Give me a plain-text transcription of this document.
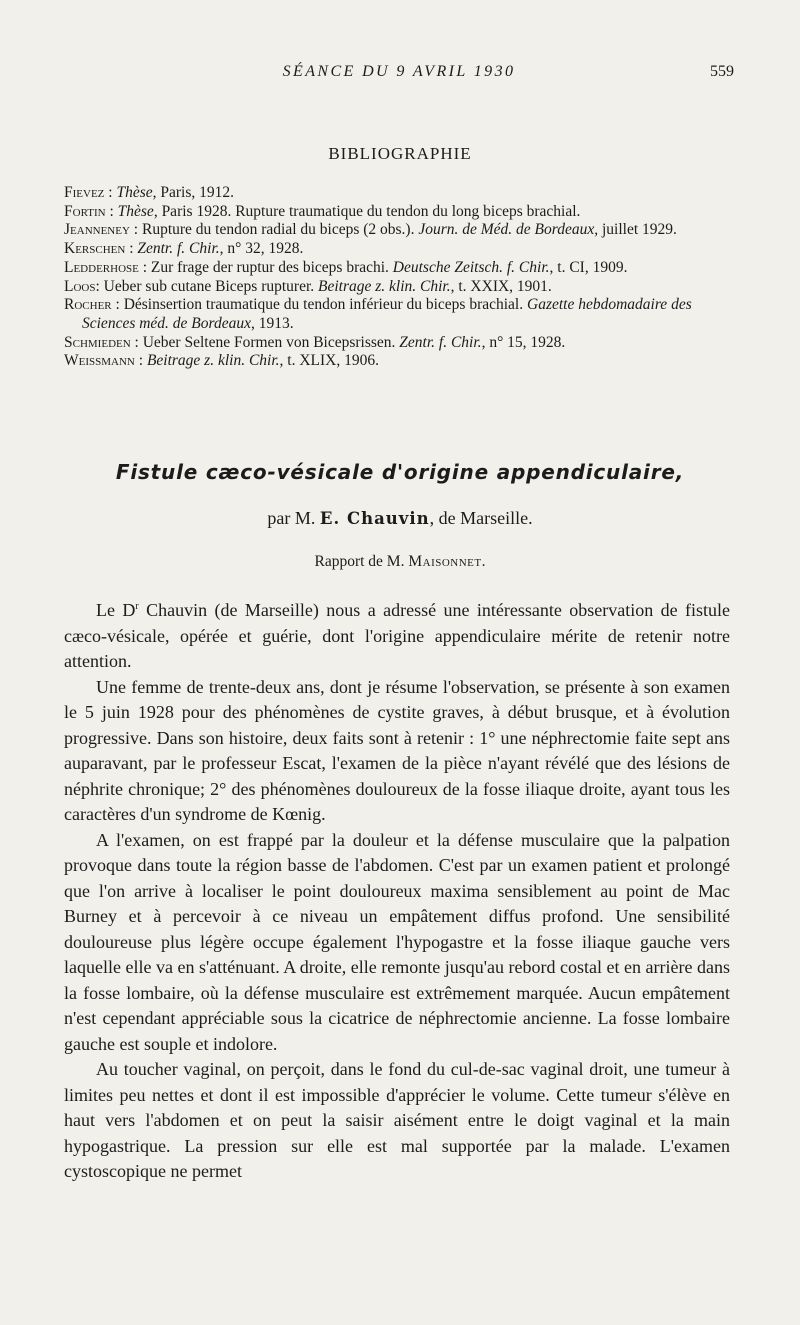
SÉANCE DU 9 AVRIL 1930	559
BIBLIOGRAPHIE
Fievez : Thèse, Paris, 1912.
Fortin : Thèse, Paris 1928. Rupture traumatique du tendon du long biceps brachial.
Jeanneney : Rupture du tendon radial du biceps (2 obs.). Journ. de Méd. de Bordeaux, juillet 1929.
Kerschen : Zentr. f. Chir., n° 32, 1928.
Ledderhose : Zur frage der ruptur des biceps brachi. Deutsche Zeitsch. f. Chir., t. CI, 1909.
Loos: Ueber sub cutane Biceps rupturer. Beitrage z. klin. Chir., t. XXIX, 1901.
Rocher : Désinsertion traumatique du tendon inférieur du biceps brachial. Gazette hebdomadaire des Sciences méd. de Bordeaux, 1913.
Schmieden : Ueber Seltene Formen von Bicepsrissen. Zentr. f. Chir., n° 15, 1928.
Weissmann : Beitrage z. klin. Chir., t. XLIX, 1906.
Fistule cæco-vésicale d'origine appendiculaire,
par M. E. Chauvin, de Marseille.
Rapport de M. Maisonnet.

Le $D^r$ Chauvin (de Marseille) nous a adressé une intéressante observation de fistule cæco-vésicale, opérée et guérie, dont l'origine appendiculaire mérite de retenir notre attention.

Une femme de trente-deux ans, dont je résume l'observation, se présente à son examen le 5 juin 1928 pour des phénomènes de cystite graves, à début brusque, et à évolution progressive. Dans son histoire, deux faits sont à retenir : 1° une néphrectomie faite sept ans auparavant, par le professeur Escat, l'examen de la pièce n'ayant révélé que des lésions de néphrite chronique; 2° des phénomènes douloureux de la fosse iliaque droite, ayant tous les caractères d'un syndrome de Kœnig.

A l'examen, on est frappé par la douleur et la défense musculaire que la palpation provoque dans toute la région basse de l'abdomen. C'est par un examen patient et prolongé que l'on arrive à localiser le point douloureux maxima sensiblement au point de Mac Burney et à percevoir à ce niveau un empâtement diffus profond. Une sensibilité douloureuse plus légère occupe également l'hypogastre et la fosse iliaque gauche vers laquelle elle va en s'atténuant. A droite, elle remonte jusqu'au rebord costal et en arrière dans la fosse lombaire, où la défense musculaire est extrêmement marquée. Aucun empâtement n'est cependant appréciable sous la cicatrice de néphrectomie ancienne. La fosse lombaire gauche est souple et indolore.

Au toucher vaginal, on perçoit, dans le fond du cul-de-sac vaginal droit, une tumeur à limites peu nettes et dont il est impossible d'apprécier le volume. Cette tumeur s'élève en haut vers l'abdomen et on peut la saisir aisément entre le doigt vaginal et la main hypogastrique. La pression sur elle est mal supportée par la malade. L'examen cystoscopique ne permet
